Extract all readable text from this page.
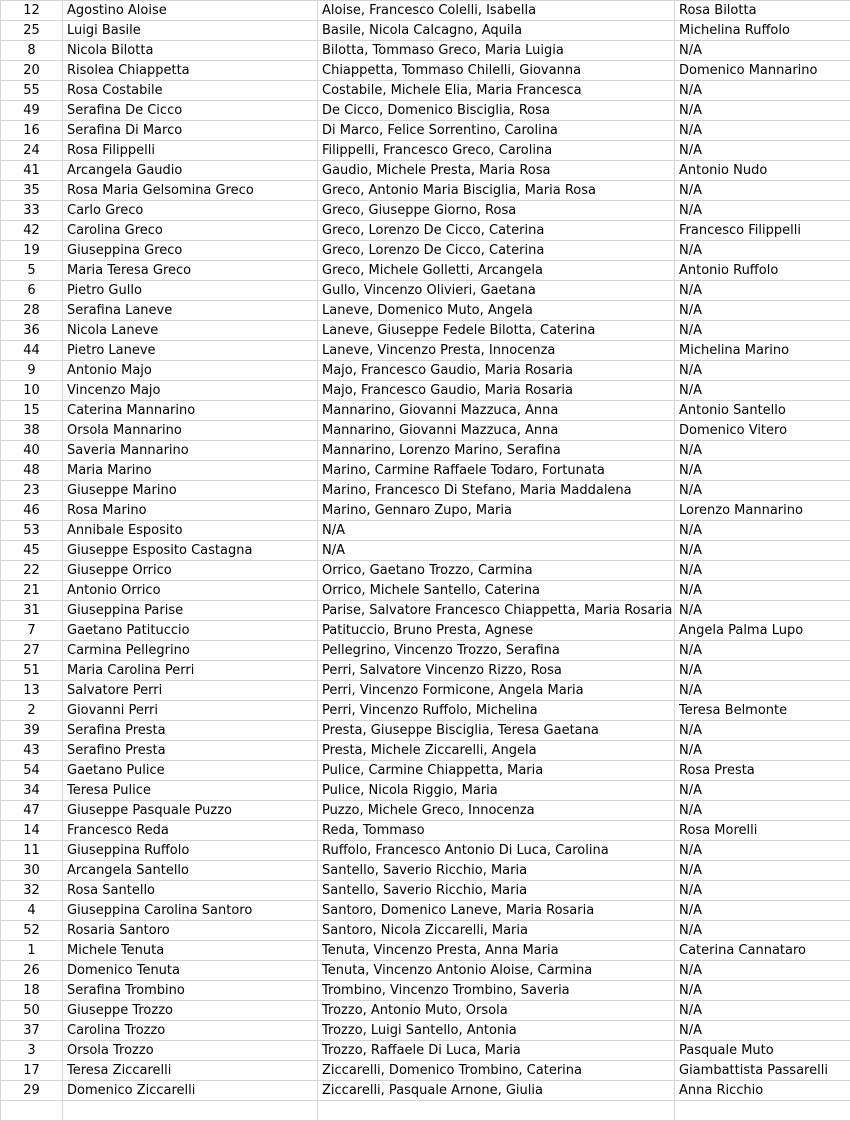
12	Agostino Aloise	Aloise, Francesco Colelli, Isabella	Rosa Bilotta
25	Luigi Basile	Basile, Nicola Calcagno, Aquila	Michelina Ruffolo
8	Nicola Bilotta	Bilotta, Tommaso Greco, Maria Luigia	N/A
20	Risolea Chiappetta	Chiappetta, Tommaso Chilelli, Giovanna	Domenico Mannarino
55	Rosa Costabile	Costabile, Michele Elia, Maria Francesca	N/A
49	Serafina De Cicco	De Cicco, Domenico Bisciglia, Rosa	N/A
16	Serafina Di Marco	Di Marco, Felice Sorrentino, Carolina	N/A
24	Rosa Filippelli	Filippelli, Francesco Greco, Carolina	N/A
41	Arcangela Gaudio	Gaudio, Michele Presta, Maria Rosa	Antonio Nudo
35	Rosa Maria Gelsomina Greco	Greco, Antonio Maria Bisciglia, Maria Rosa	N/A
33	Carlo Greco	Greco, Giuseppe Giorno, Rosa	N/A
42	Carolina Greco	Greco, Lorenzo De Cicco, Caterina	Francesco Filippelli
19	Giuseppina Greco	Greco, Lorenzo De Cicco, Caterina	N/A
5	Maria Teresa Greco	Greco, Michele Golletti, Arcangela	Antonio Ruffolo
6	Pietro Gullo	Gullo, Vincenzo Olivieri, Gaetana	N/A
28	Serafina Laneve	Laneve, Domenico Muto, Angela	N/A
36	Nicola Laneve	Laneve, Giuseppe Fedele Bilotta, Caterina	N/A
44	Pietro Laneve	Laneve, Vincenzo Presta, Innocenza	Michelina Marino
9	Antonio Majo	Majo, Francesco Gaudio, Maria Rosaria	N/A
10	Vincenzo Majo	Majo, Francesco Gaudio, Maria Rosaria	N/A
15	Caterina Mannarino	Mannarino, Giovanni Mazzuca, Anna	Antonio Santello
38	Orsola Mannarino	Mannarino, Giovanni Mazzuca, Anna	Domenico Vitero
40	Saveria Mannarino	Mannarino, Lorenzo Marino, Serafina	N/A
48	Maria Marino	Marino, Carmine Raffaele Todaro, Fortunata	N/A
23	Giuseppe Marino	Marino, Francesco Di Stefano, Maria Maddalena	N/A
46	Rosa Marino	Marino, Gennaro Zupo, Maria	Lorenzo Mannarino
53	Annibale Esposito	N/A	N/A
45	Giuseppe Esposito Castagna	N/A	N/A
22	Giuseppe Orrico	Orrico, Gaetano Trozzo, Carmina	N/A
21	Antonio Orrico	Orrico, Michele Santello, Caterina	N/A
31	Giuseppina Parise	Parise, Salvatore Francesco Chiappetta, Maria Rosaria	N/A
7	Gaetano Patituccio	Patituccio, Bruno Presta, Agnese	Angela Palma Lupo
27	Carmina Pellegrino	Pellegrino, Vincenzo Trozzo, Serafina	N/A
51	Maria Carolina Perri	Perri, Salvatore Vincenzo Rizzo, Rosa	N/A
13	Salvatore Perri	Perri, Vincenzo Formicone, Angela Maria	N/A
2	Giovanni Perri	Perri, Vincenzo Ruffolo, Michelina	Teresa Belmonte
39	Serafina Presta	Presta, Giuseppe Bisciglia, Teresa Gaetana	N/A
43	Serafino Presta	Presta, Michele Ziccarelli, Angela	N/A
54	Gaetano Pulice	Pulice, Carmine Chiappetta, Maria	Rosa Presta
34	Teresa Pulice	Pulice, Nicola Riggio, Maria	N/A
47	Giuseppe Pasquale Puzzo	Puzzo, Michele Greco, Innocenza	N/A
14	Francesco Reda	Reda, Tommaso	Rosa Morelli
11	Giuseppina Ruffolo	Ruffolo, Francesco Antonio Di Luca, Carolina	N/A
30	Arcangela Santello	Santello, Saverio Ricchio, Maria	N/A
32	Rosa Santello	Santello, Saverio Ricchio, Maria	N/A
4	Giuseppina Carolina Santoro	Santoro, Domenico Laneve, Maria Rosaria	N/A
52	Rosaria Santoro	Santoro, Nicola Ziccarelli, Maria	N/A
1	Michele Tenuta	Tenuta, Vincenzo Presta, Anna Maria	Caterina Cannataro
26	Domenico Tenuta	Tenuta, Vincenzo Antonio Aloise, Carmina	N/A
18	Serafina Trombino	Trombino, Vincenzo Trombino, Saveria	N/A
50	Giuseppe Trozzo	Trozzo, Antonio Muto, Orsola	N/A
37	Carolina Trozzo	Trozzo, Luigi Santello, Antonia	N/A
3	Orsola Trozzo	Trozzo, Raffaele Di Luca, Maria	Pasquale Muto
17	Teresa Ziccarelli	Ziccarelli, Domenico Trombino, Caterina	Giambattista Passarelli
29	Domenico Ziccarelli	Ziccarelli, Pasquale Arnone, Giulia	Anna Ricchio
